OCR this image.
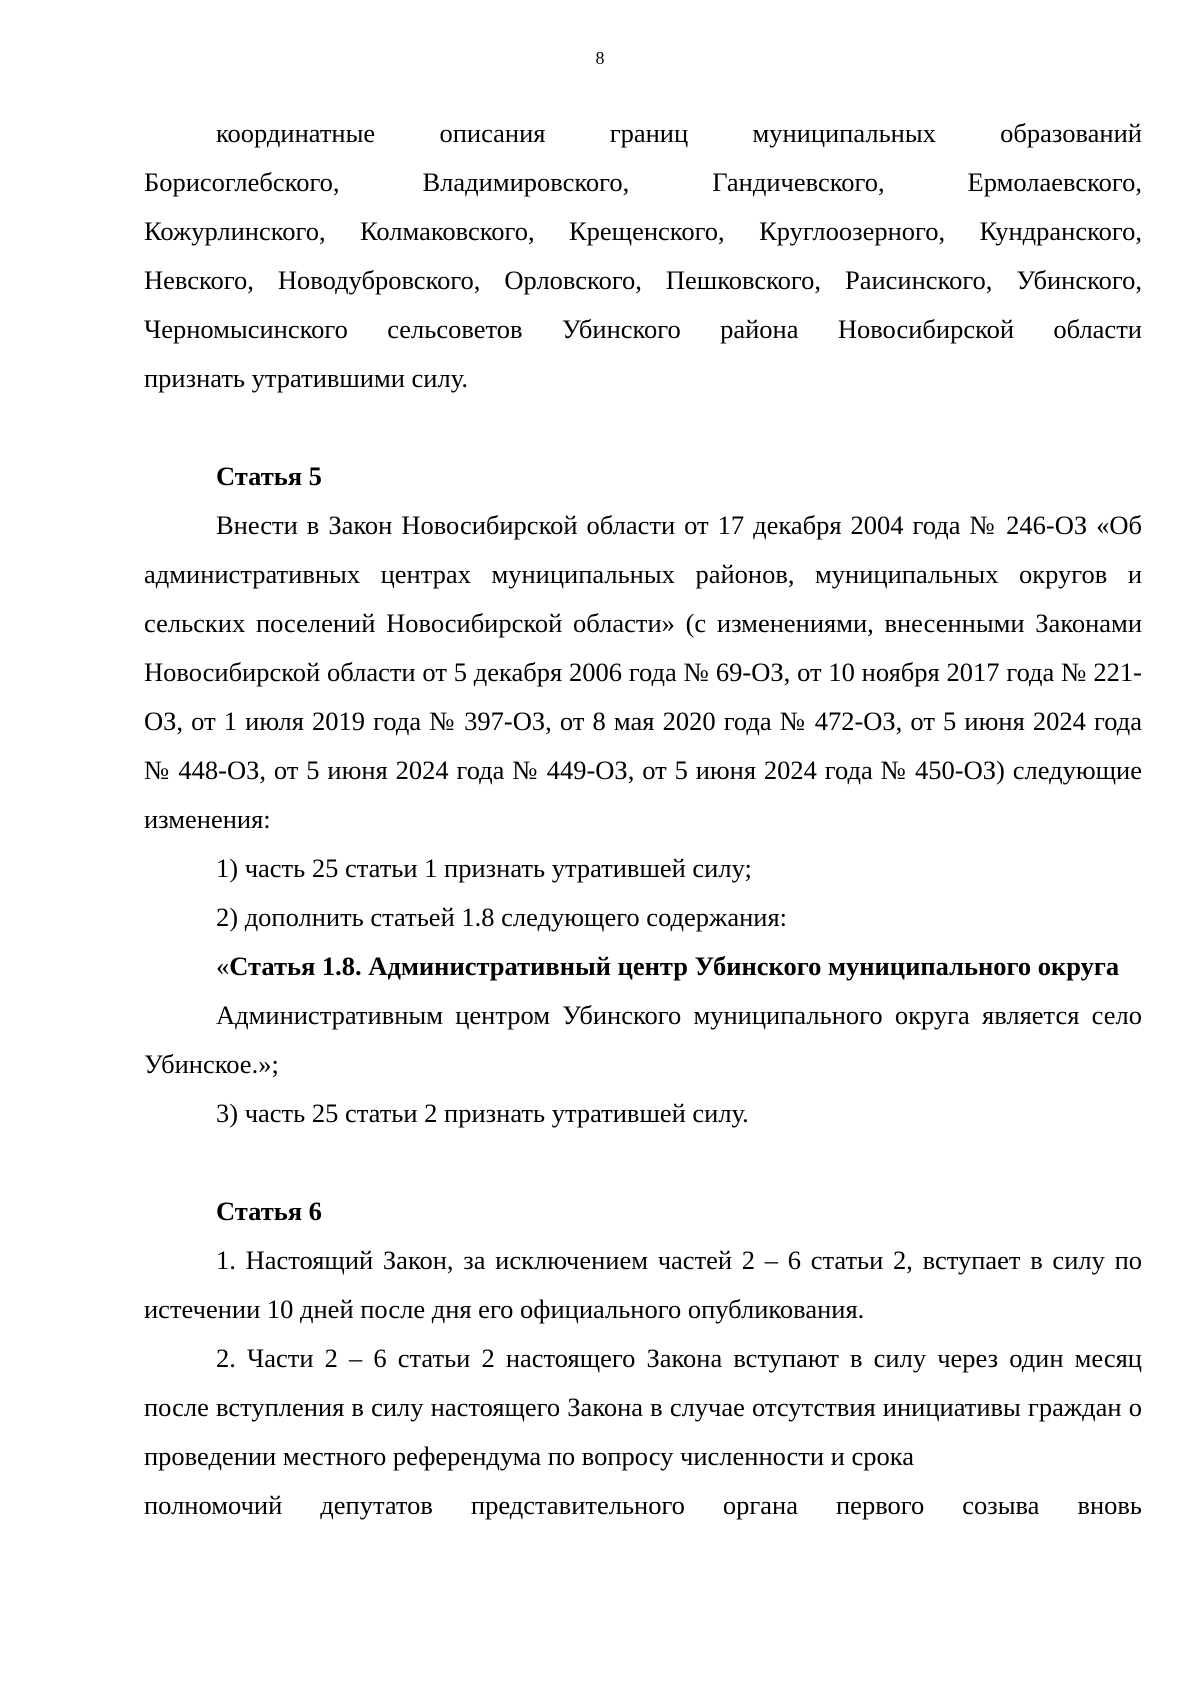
8
координатные описания границ муниципальных образований
Борисоглебского,	Владимировского,	Гандичевского,	Ермолаевского,
Кожурлинского, Колмаковского, Крещенского, Круглоозерного, Кундранского,
Невского, Новодубровского, Орловского, Пешковского, Раисинского, Убинского,
Черномысинского сельсоветов Убинского района Новосибирской области

признать утратившими силу.

Статья 5

Внести в Закон Новосибирской области от 17 декабря 2004 года № 246-ОЗ «Об административных центрах муниципальных районов, муниципальных округов и сельских поселений Новосибирской области» (с изменениями, внесенными Законами Новосибирской области от 5 декабря 2006 года № 69-ОЗ, от 10 ноября 2017 года № 221-ОЗ, от 1 июля 2019 года № 397-ОЗ, от 8 мая 2020 года № 472-ОЗ, от 5 июня 2024 года № 448-ОЗ, от 5 июня 2024 года № 449-ОЗ, от 5 июня 2024 года № 450-ОЗ) следующие изменения:

1) часть 25 статьи 1 признать утратившей силу;

2) дополнить статьей 1.8 следующего содержания:

«Статья 1.8. Административный центр Убинского муниципального округа

Административным центром Убинского муниципального округа является село Убинское.»;

3) часть 25 статьи 2 признать утратившей силу.

Статья 6

1. Настоящий Закон, за исключением частей 2 – 6 статьи 2, вступает в силу по истечении 10 дней после дня его официального опубликования.

2. Части 2 – 6 статьи 2 настоящего Закона вступают в силу через один месяц после вступления в силу настоящего Закона в случае отсутствия инициативы граждан о проведении местного референдума по вопросу численности и срока

полномочий депутатов представительного органа первого созыва вновь
